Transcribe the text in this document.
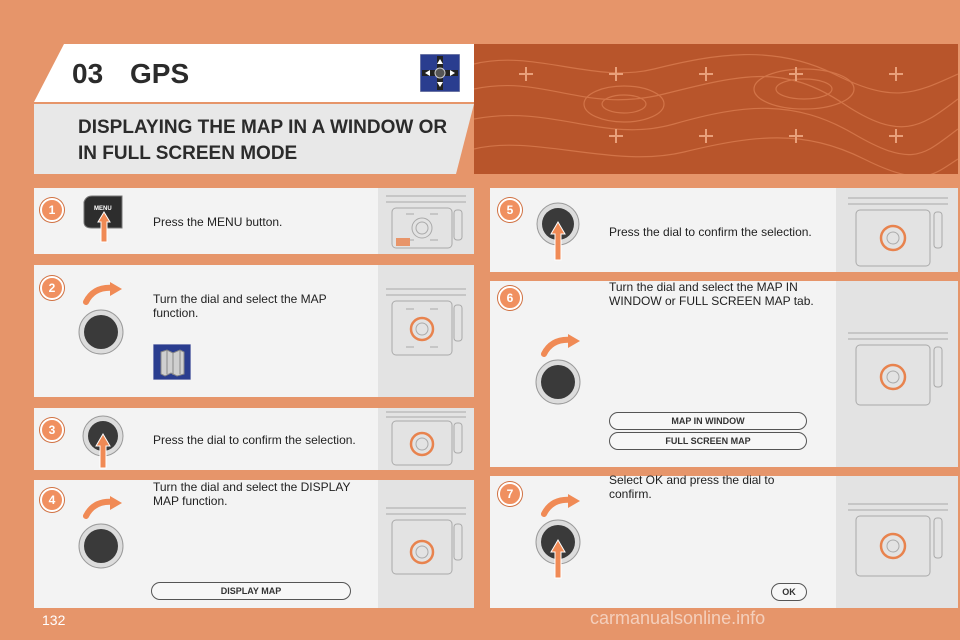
03 GPS
DISPLAYING THE MAP IN A WINDOW OR
IN FULL SCREEN MODE
MENU
1
Press the MENU button.
2
Turn the dial and select the MAP function.
3
Press the dial to confirm the selection.
4
Turn the dial and select the DISPLAY MAP function.
DISPLAY MAP
5
Press the dial to confirm the selection.
6
Turn the dial and select the MAP IN WINDOW or FULL SCREEN MAP tab.
MAP IN WINDOW
FULL SCREEN MAP
7
Select OK and press the dial to confirm.
OK
132	carmanualsonline.info
